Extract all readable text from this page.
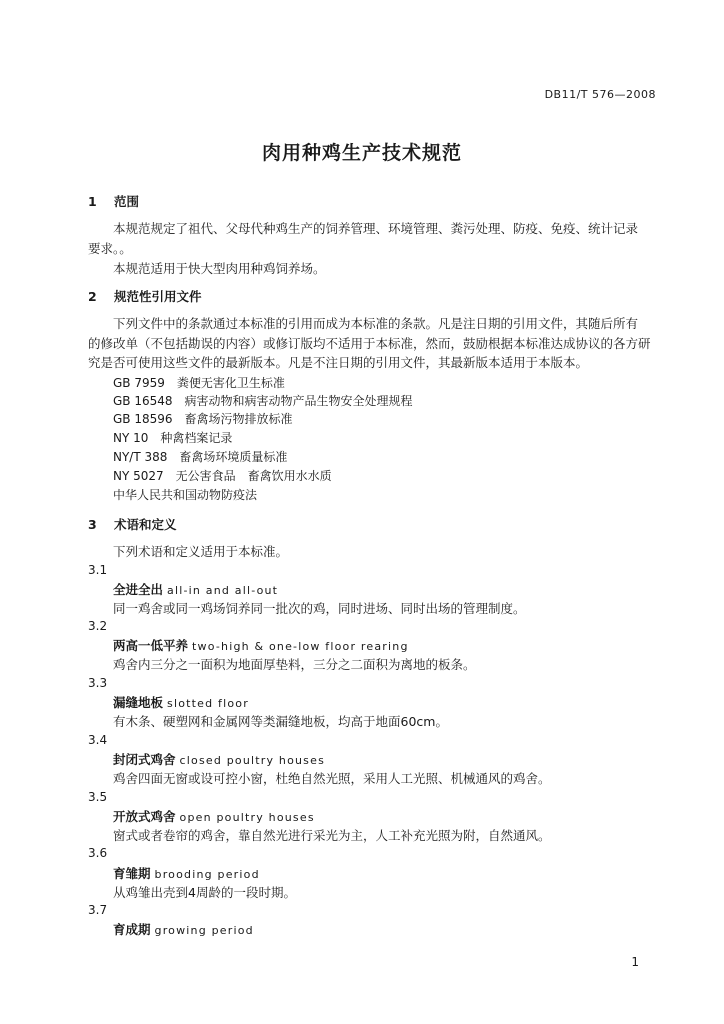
DB11/T 576—2008
肉用种鸡生产技术规范
1 范围
本规范规定了祖代、父母代种鸡生产的饲养管理、环境管理、粪污处理、防疫、免疫、统计记录
要求。。
本规范适用于快大型肉用种鸡饲养场。
2 规范性引用文件
下列文件中的条款通过本标准的引用而成为本标准的条款。凡是注日期的引用文件，其随后所有
的修改单（不包括勘误的内容）或修订版均不适用于本标准，然而，鼓励根据本标准达成协议的各方研
究是否可使用这些文件的最新版本。凡是不注日期的引用文件，其最新版本适用于本版本。
GB 7959　粪便无害化卫生标准
GB 16548　病害动物和病害动物产品生物安全处理规程
GB 18596　畜禽场污物排放标准
NY 10　种禽档案记录
NY/T 388　畜禽场环境质量标准
NY 5027　无公害食品　畜禽饮用水水质
中华人民共和国动物防疫法
3 术语和定义
下列术语和定义适用于本标准。
3.1
全进全出 all-in and all-out
同一鸡舍或同一鸡场饲养同一批次的鸡，同时进场、同时出场的管理制度。
3.2
两高一低平养 two-high & one-low floor rearing
鸡舍内三分之一面积为地面厚垫料，三分之二面积为离地的板条。
3.3
漏缝地板 slotted floor
有木条、硬塑网和金属网等类漏缝地板，均高于地面60cm。
3.4
封闭式鸡舍 closed poultry houses
鸡舍四面无窗或设可控小窗，杜绝自然光照，采用人工光照、机械通风的鸡舍。
3.5
开放式鸡舍 open poultry houses
窗式或者卷帘的鸡舍，靠自然光进行采光为主，人工补充光照为附，自然通风。
3.6
育雏期 brooding period
从鸡雏出壳到4周龄的一段时期。
3.7
育成期 growing period
1
